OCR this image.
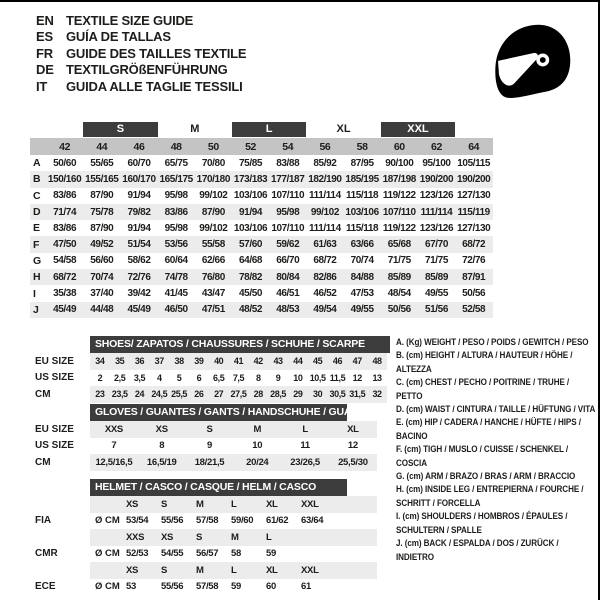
EN TEXTILE SIZE GUIDE
ES	GUÍA DE TALLAS
FR	GUIDE DES TAILLES TEXTILE
DE TEXTILGRÖßENFÜHRUNG
IT	GUIDA ALLE TAGLIE TESSILI
S	M	L	XL	XXL
42	44	46	48	50	52	54	56	58	60	62	64
A	50/60	55/65	60/70	65/75	70/80	75/85	83/88	85/92	87/95	90/100 95/100 105/115
B 150/160 155/165 160/170 165/175 170/180 173/183 177/187 182/190 185/195 187/198 190/200 190/200
C	83/86	87/90	91/94	95/98	99/102 103/106 107/110 111/114 115/118 119/122 123/126 127/130
D	71/74	75/78	79/82	83/86	87/90	91/94	95/98	99/102 103/106 107/110 111/114 115/119
E	83/86	87/90	91/94	95/98	99/102 103/106 107/110 111/114 115/118 119/122 123/126 127/130
F	47/50	49/52	51/54	53/56	55/58	57/60	59/62	61/63	63/66	65/68	67/70	68/72
G	54/58	56/60	58/62	60/64	62/66	64/68	66/70	68/72	70/74	71/75	71/75	72/76
H	68/72	70/74	72/76	74/78	76/80	78/82	80/84	82/86	84/88	85/89	85/89	87/91
I	35/38	37/40	39/42	41/45	43/47	45/50	46/51	46/52	47/53	48/54	49/55	50/56
J	45/49	44/48	45/49	46/50	47/51	48/52	48/53	49/54	49/55	50/56	51/56	52/58
SHOES/ ZAPATOS / CHAUSSURES / SCHUHE / SCARPE
EU SIZE	34	35	36	37	38	39	40	41	42	43	44	45	46	47	48
US SIZE	2	2,5 3,5	4	5	6	6,5 7,5	8	9	10 10,5 11,5 12	13
CM	23 23,5 24 24,5 25,5 26	27 27,5 28 28,5 29	30 30,5 31,5 32
GLOVES / GUANTES / GANTS / HANDSCHUHE / GUANTI
EU SIZE	XXS	XS	S	M	L	XL
US SIZE	7	8	9	10	11	12
CM	12,5/16,5	16,5/19	18/21,5	20/24	23/26,5	25,5/30
HELMET / CASCO / CASQUE / HELM / CASCO
XS	S	M	L	XL	XXL
FIA	Ø CM 53/54	55/56	57/58	59/60	61/62	63/64
XXS	XS	S	M	L
CMR	Ø CM 52/53	54/55	56/57	58	59
XS	S	M	L	XL	XXL
ECE	Ø CM 53	55/56	57/58	59	60	61
A. (Kg) WEIGHT / PESO / POIDS / GEWITCH / PESO
B. (cm) HEIGHT / ALTURA / HAUTEUR / HÖHE / ALTEZZA
C. (cm) CHEST / PECHO / POITRINE / TRUHE / PETTO
D. (cm) WAIST / CINTURA / TAILLE / HÜFTUNG / VITA
E. (cm) HIP / CADERA / HANCHE / HÜFTE / HIPS / BACINO
F. (cm) TIGH / MUSLO / CUISSE / SCHENKEL / COSCIA
G. (cm) ARM / BRAZO / BRAS / ARM / BRACCIO
H. (cm) INSIDE LEG / ENTREPIERNA / FOURCHE / SCHRITT / FORCELLA
I. (cm) SHOULDERS / HOMBROS / ÉPAULES / SCHULTERN / SPALLE
J. (cm) BACK / ESPALDA / DOS / ZURÜCK / INDIETRO
